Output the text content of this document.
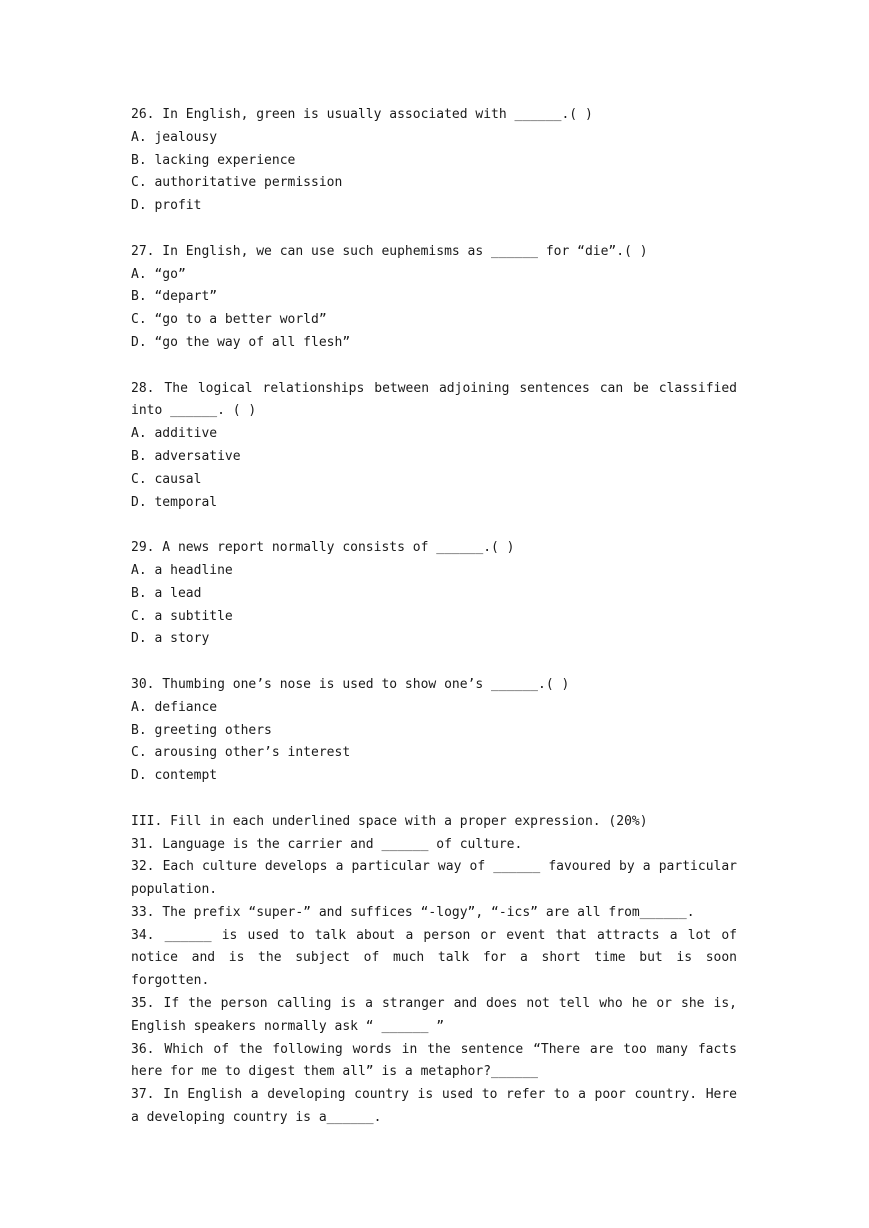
26. In English, green is usually associated with ______.( )

A. jealousy

B. lacking experience

C. authoritative permission

D. profit

27. In English, we can use such euphemisms as ______ for “die”.( )

A. “go”

B. “depart”

C. “go to a better world”

D. “go the way of all flesh”

28. The logical relationships between adjoining sentences can be classified into ______. ( )

A. additive

B. adversative

C. causal

D. temporal

29. A news report normally consists of ______.( )

A. a headline

B. a lead

C. a subtitle

D. a story

30. Thumbing one’s nose is used to show one’s ______.( )

A. defiance

B. greeting others

C. arousing other’s interest

D. contempt

III. Fill in each underlined space with a proper expression. (20%)

31. Language is the carrier and ______ of culture.

32. Each culture develops a particular way of ______ favoured by a particular population.

33. The prefix “super-” and suffices “-logy”, “-ics” are all from______.

34. ______ is used to talk about a person or event that attracts a lot of notice and is the subject of much talk for a short time but is soon forgotten.

35. If the person calling is a stranger and does not tell who he or she is, English speakers normally ask “ ______ ”

36. Which of the following words in the sentence “There are too many facts here for me to digest them all” is a metaphor?______

37. In English a developing country is used to refer to a poor country. Here a developing country is a______.
